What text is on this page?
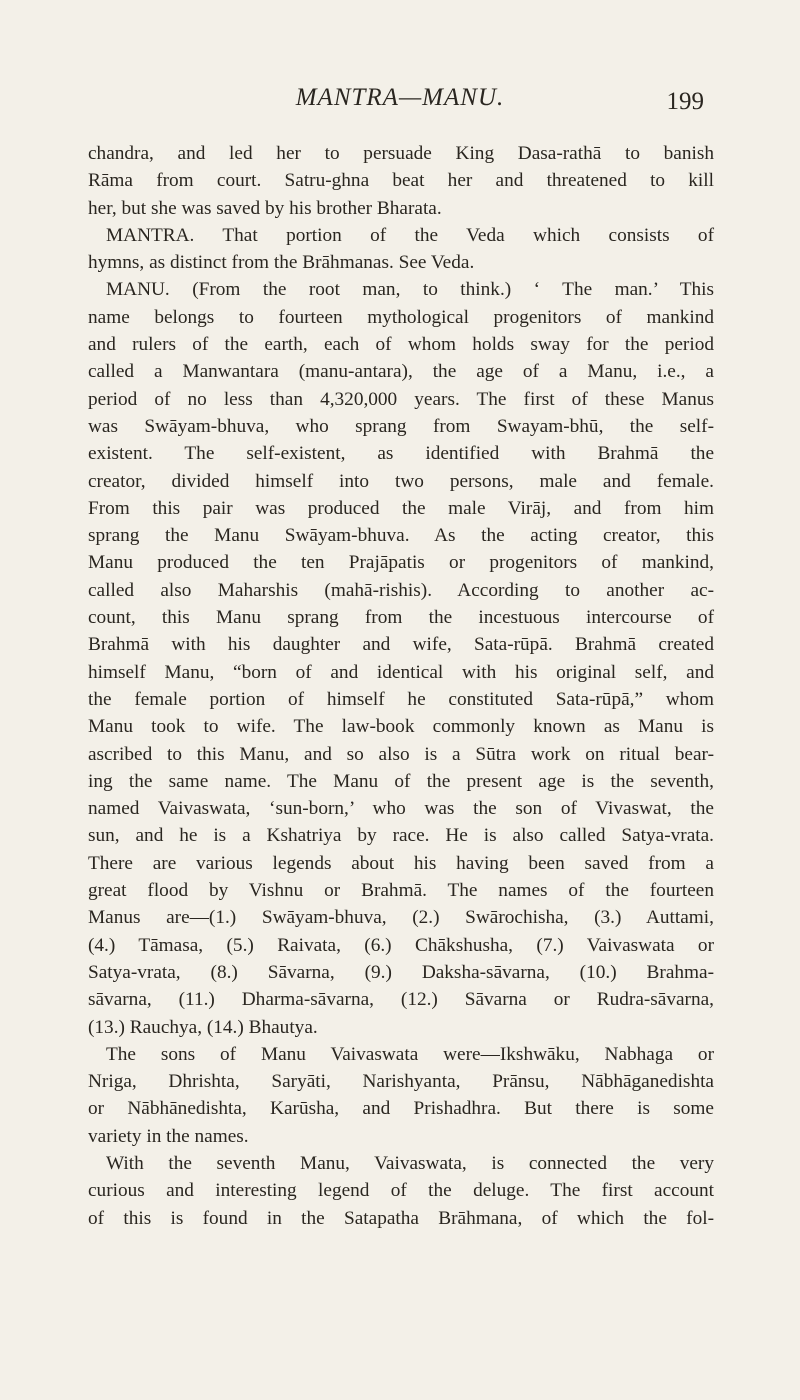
MANTRA—MANU.	199
chandra, and led her to persuade King Dasa-rathā to banish
Rāma from court. Satru-ghna beat her and threatened to kill
her, but she was saved by his brother Bharata.
MANTRA. That portion of the Veda which consists of
hymns, as distinct from the Brāhmanas. See Veda.
MANU. (From the root man, to think.) ‘ The man.’ This
name belongs to fourteen mythological progenitors of mankind
and rulers of the earth, each of whom holds sway for the period
called a Manwantara (manu-antara), the age of a Manu, i.e., a
period of no less than 4,320,000 years. The first of these Manus
was Swāyam-bhuva, who sprang from Swayam-bhū, the self-
existent. The self-existent, as identified with Brahmā the
creator, divided himself into two persons, male and female.
From this pair was produced the male Virāj, and from him
sprang the Manu Swāyam-bhuva. As the acting creator, this
Manu produced the ten Prajāpatis or progenitors of mankind,
called also Maharshis (mahā-rishis). According to another ac-
count, this Manu sprang from the incestuous intercourse of
Brahmā with his daughter and wife, Sata-rūpā. Brahmā created
himself Manu, “born of and identical with his original self, and
the female portion of himself he constituted Sata-rūpā,” whom
Manu took to wife. The law-book commonly known as Manu is
ascribed to this Manu, and so also is a Sūtra work on ritual bear-
ing the same name. The Manu of the present age is the seventh,
named Vaivaswata, ‘sun-born,’ who was the son of Vivaswat, the
sun, and he is a Kshatriya by race. He is also called Satya-vrata.
There are various legends about his having been saved from a
great flood by Vishnu or Brahmā. The names of the fourteen
Manus are—(1.) Swāyam-bhuva, (2.) Swārochisha, (3.) Auttami,
(4.) Tāmasa, (5.) Raivata, (6.) Chākshusha, (7.) Vaivaswata or
Satya-vrata, (8.) Sāvarna, (9.) Daksha-sāvarna, (10.) Brahma-
sāvarna, (11.) Dharma-sāvarna, (12.) Sāvarna or Rudra-sāvarna,
(13.) Rauchya, (14.) Bhautya.
The sons of Manu Vaivaswata were—Ikshwāku, Nabhaga or
Nriga, Dhrishta, Saryāti, Narishyanta, Prānsu, Nābhāganedishta
or Nābhānedishta, Karūsha, and Prishadhra. But there is some
variety in the names.
With the seventh Manu, Vaivaswata, is connected the very
curious and interesting legend of the deluge. The first account
of this is found in the Satapatha Brāhmana, of which the fol-
